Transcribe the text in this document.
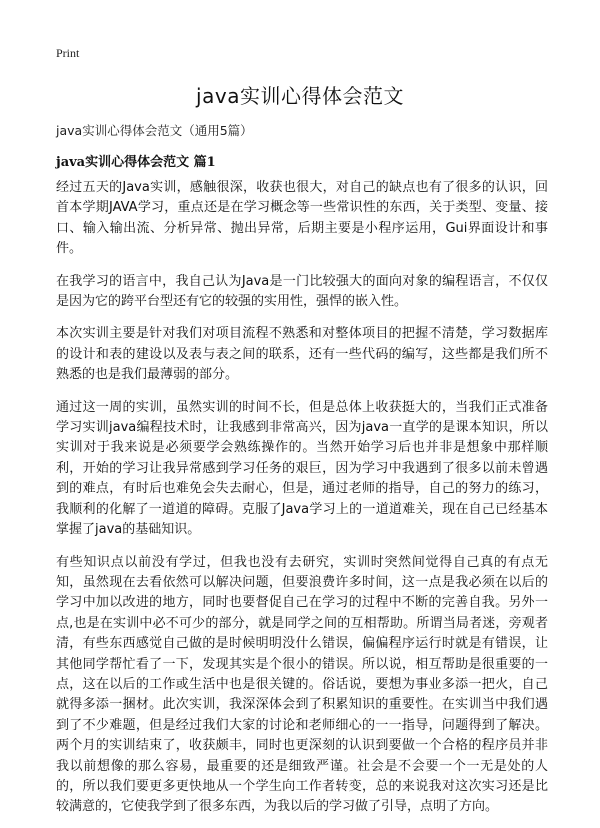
Print
java实训心得体会范文
java实训心得体会范文（通用5篇）
java实训心得体会范文 篇1

经过五天的Java实训，感触很深，收获也很大，对自己的缺点也有了很多的认识，回首本学期JAVA学习，重点还是在学习概念等一些常识性的东西，关于类型、变量、接口、输入输出流、分析异常、抛出异常，后期主要是小程序运用，Gui界面设计和事件。

在我学习的语言中，我自己认为Java是一门比较强大的面向对象的编程语言，不仅仅是因为它的跨平台型还有它的较强的实用性，强悍的嵌入性。

本次实训主要是针对我们对项目流程不熟悉和对整体项目的把握不清楚，学习数据库的设计和表的建设以及表与表之间的联系，还有一些代码的编写，这些都是我们所不熟悉的也是我们最薄弱的部分。

通过这一周的实训，虽然实训的时间不长，但是总体上收获挺大的，当我们正式准备学习实训java编程技术时，让我感到非常高兴，因为java一直学的是课本知识，所以实训对于我来说是必须要学会熟练操作的。当然开始学习后也并非是想象中那样顺利，开始的学习让我异常感到学习任务的艰巨，因为学习中我遇到了很多以前未曾遇到的难点，有时后也难免会失去耐心，但是，通过老师的指导，自己的努力的练习，我顺利的化解了一道道的障碍。克服了Java学习上的一道道难关，现在自己已经基本掌握了java的基础知识。

有些知识点以前没有学过，但我也没有去研究，实训时突然间觉得自己真的有点无知，虽然现在去看依然可以解决问题，但要浪费许多时间，这一点是我必须在以后的学习中加以改进的地方，同时也要督促自己在学习的过程中不断的完善自我。另外一点,也是在实训中必不可少的部分，就是同学之间的互相帮助。所谓当局者迷，旁观者清，有些东西感觉自己做的是时候明明没什么错误，偏偏程序运行时就是有错误，让其他同学帮忙看了一下，发现其实是个很小的错误。所以说，相互帮助是很重要的一点，这在以后的工作或生活中也是很关键的。俗话说，要想为事业多添一把火，自己就得多添一捆材。此次实训，我深深体会到了积累知识的重要性。在实训当中我们遇到了不少难题，但是经过我们大家的讨论和老师细心的一一指导，问题得到了解决。两个月的实训结束了，收获颇丰，同时也更深刻的认识到要做一个合格的程序员并非我以前想像的那么容易，最重要的还是细致严谨。社会是不会要一个一无是处的人的，所以我们要更多更快地从一个学生向工作者转变，总的来说我对这次实习还是比较满意的，它使我学到了很多东西，为我以后的学习做了引导，点明了方向。
